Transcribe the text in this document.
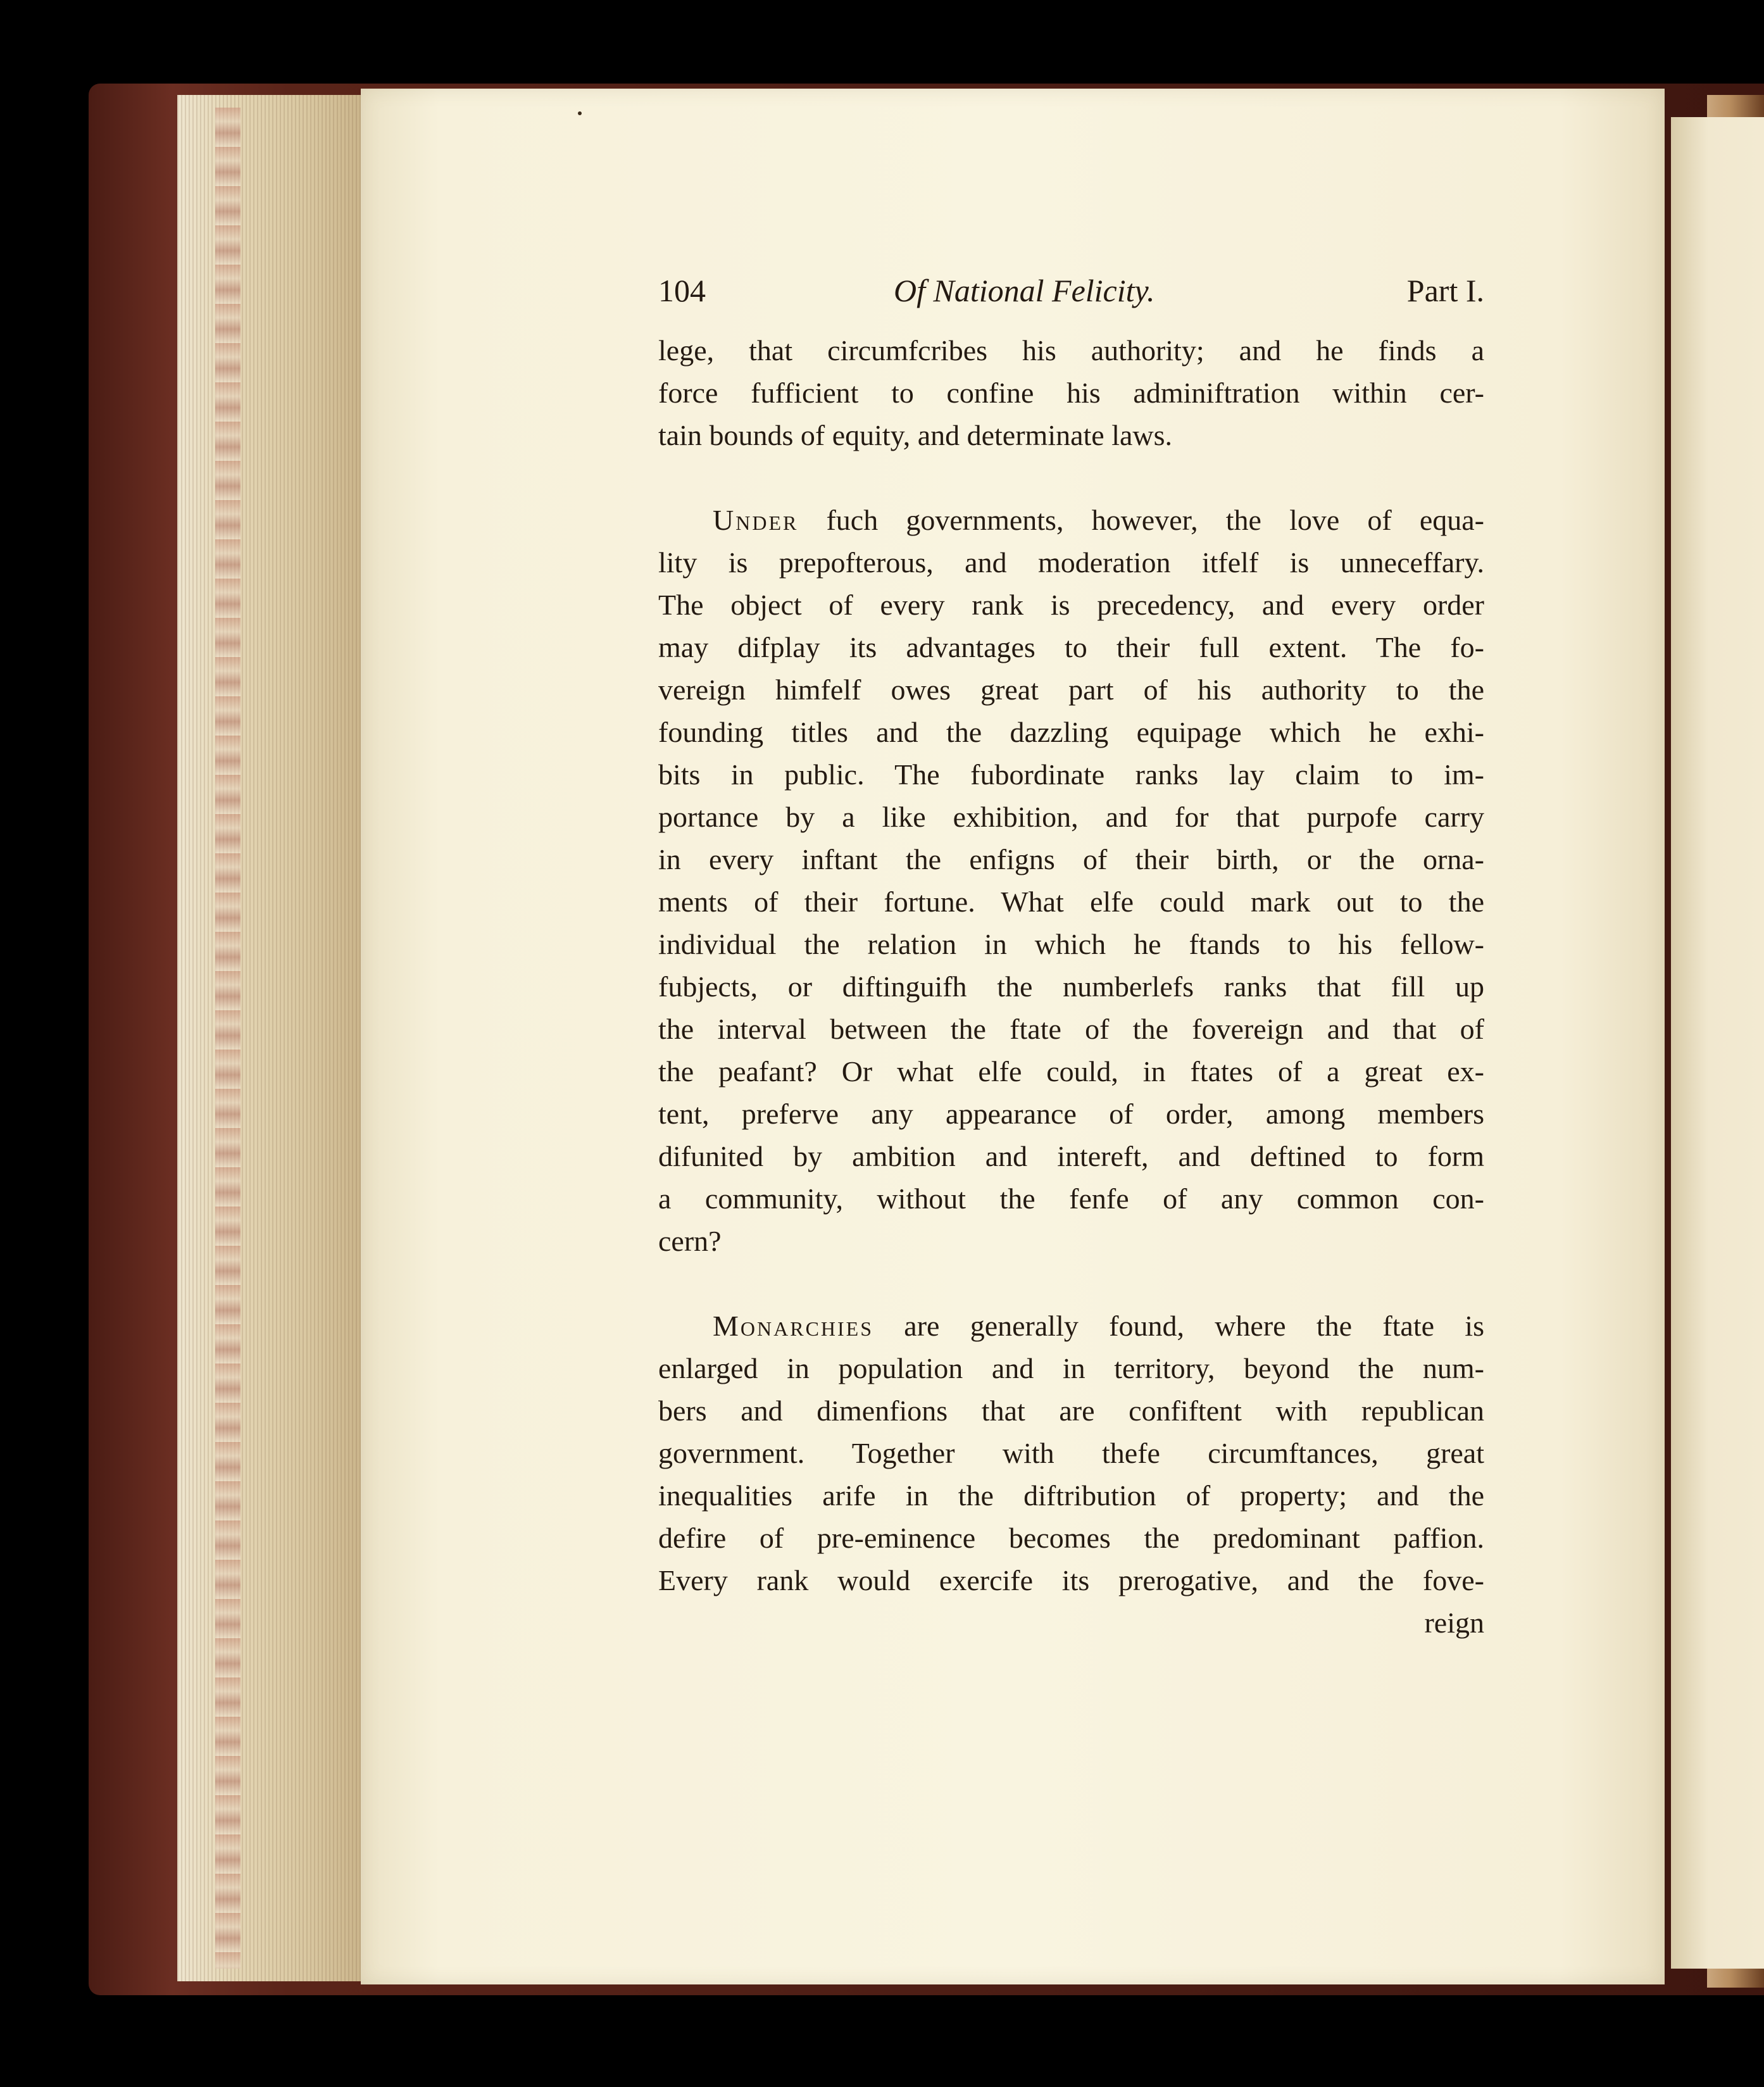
104	Of National Felicity.	Part I.
lege, that circumfcribes his authority; and he finds a
force fufficient to confine his adminiftration within cer-
tain bounds of equity, and determinate laws.
Under fuch governments, however, the love of equa-
lity is prepofterous, and moderation itfelf is unneceffary.
The object of every rank is precedency, and every order
may difplay its advantages to their full extent. The fo-
vereign himfelf owes great part of his authority to the
founding titles and the dazzling equipage which he exhi-
bits in public. The fubordinate ranks lay claim to im-
portance by a like exhibition, and for that purpofe carry
in every inftant the enfigns of their birth, or the orna-
ments of their fortune. What elfe could mark out to the
individual the relation in which he ftands to his fellow-
fubjects, or diftinguifh the numberlefs ranks that fill up
the interval between the ftate of the fovereign and that of
the peafant? Or what elfe could, in ftates of a great ex-
tent, preferve any appearance of order, among members
difunited by ambition and intereft, and deftined to form
a community, without the fenfe of any common con-
cern?
Monarchies are generally found, where the ftate is
enlarged in population and in territory, beyond the num-
bers and dimenfions that are confiftent with republican
government. Together with thefe circumftances, great
inequalities arife in the diftribution of property; and the
defire of pre-eminence becomes the predominant paffion.
Every rank would exercife its prerogative, and the fove-
reign
